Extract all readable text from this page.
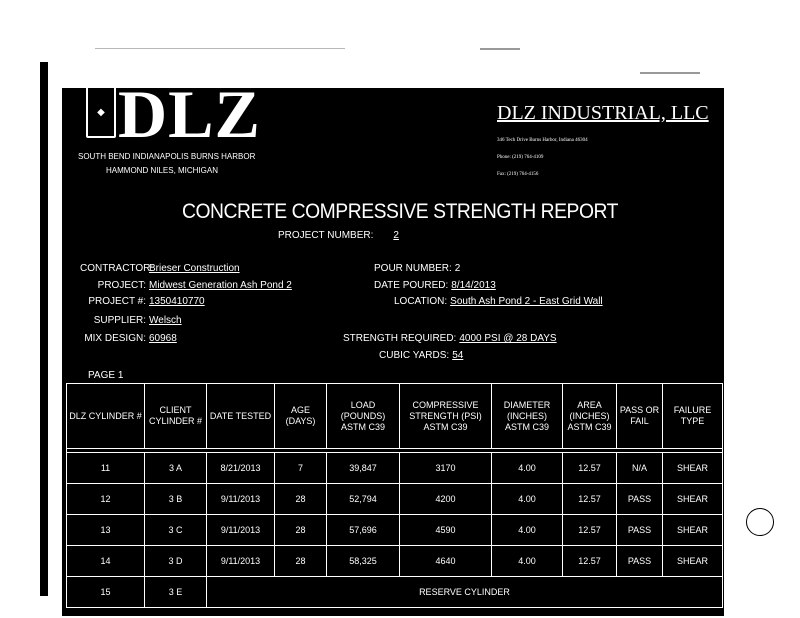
◆ DLZ
SOUTH BEND INDIANAPOLIS BURNS HARBOR
HAMMOND NILES, MICHIGAN
DLZ INDUSTRIAL, LLC
346 Tech Drive Burns Harbor, Indiana 46304
Phone: (219) 764-4109
Fax: (219) 764-4156
CONCRETE COMPRESSIVE STRENGTH REPORT
PROJECT NUMBER: 2
CONTRACTOR:Brieser Construction
PROJECT: Midwest Generation Ash Pond 2
PROJECT #: 1350410770
SUPPLIER: Welsch
MIX DESIGN: 60968
POUR NUMBER: 2
DATE POURED: 8/14/2013
LOCATION: South Ash Pond 2 - East Grid Wall
STRENGTH REQUIRED: 4000 PSI @ 28 DAYS
CUBIC YARDS: 54
PAGE 1
DLZ CYLINDER #	CLIENT CYLINDER #	DATE TESTED	AGE (DAYS)	LOAD (POUNDS) ASTM C39	COMPRESSIVE STRENGTH (PSI) ASTM C39	DIAMETER (INCHES) ASTM C39	AREA (INCHES) ASTM C39	PASS OR FAIL	FAILURE TYPE

11	3 A	8/21/2013	7	39,847	3170	4.00	12.57	N/A	SHEAR
12	3 B	9/11/2013	28	52,794	4200	4.00	12.57	PASS	SHEAR
13	3 C	9/11/2013	28	57,696	4590	4.00	12.57	PASS	SHEAR
14	3 D	9/11/2013	28	58,325	4640	4.00	12.57	PASS	SHEAR
15	3 E	RESERVE CYLINDER							
